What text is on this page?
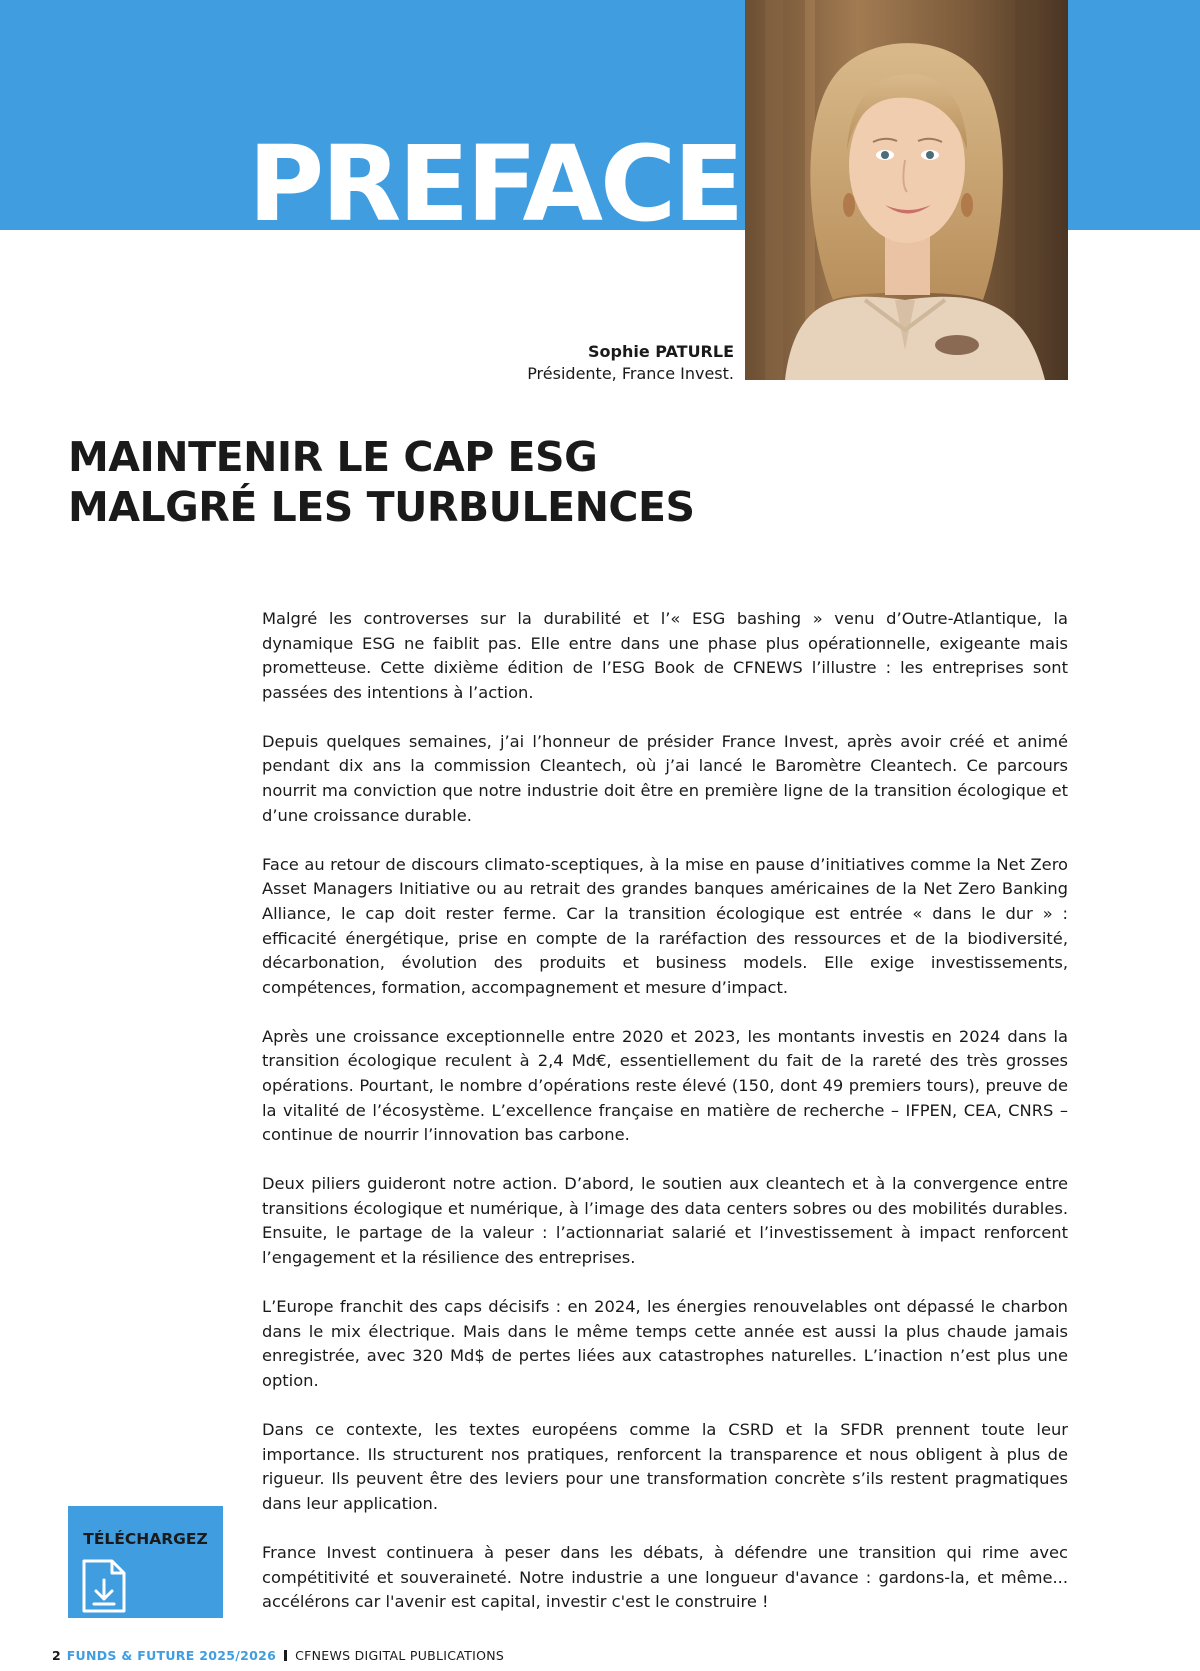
PREFACE
Sophie PATURLE
Présidente, France Invest.
MAINTENIR LE CAP ESG
MALGRÉ LES TURBULENCES

Malgré les controverses sur la durabilité et l’« ESG bashing » venu d’Outre-Atlantique, la dynamique ESG ne faiblit pas. Elle entre dans une phase plus opérationnelle, exigeante mais prometteuse. Cette dixième édition de l’ESG Book de CFNEWS l’illustre : les entreprises sont passées des intentions à l’action.

Depuis quelques semaines, j’ai l’honneur de présider France Invest, après avoir créé et animé pendant dix ans la commission Cleantech, où j’ai lancé le Baromètre Cleantech. Ce parcours nourrit ma conviction que notre industrie doit être en première ligne de la transition écologique et d’une croissance durable.

Face au retour de discours climato-sceptiques, à la mise en pause d’initiatives comme la Net Zero Asset Managers Initiative ou au retrait des grandes banques américaines de la Net Zero Banking Alliance, le cap doit rester ferme. Car la transition écologique est entrée « dans le dur » : efficacité énergétique, prise en compte de la raréfaction des ressources et de la biodiversité, décarbonation, évolution des produits et business models. Elle exige investissements, compétences, formation, accompagnement et mesure d’impact.

Après une croissance exceptionnelle entre 2020 et 2023, les montants investis en 2024 dans la transition écologique reculent à 2,4 Md€, essentiellement du fait de la rareté des très grosses opérations. Pourtant, le nombre d’opérations reste élevé (150, dont 49 premiers tours), preuve de la vitalité de l’écosystème. L’excellence française en matière de recherche – IFPEN, CEA, CNRS – continue de nourrir l’innovation bas carbone.

Deux piliers guideront notre action. D’abord, le soutien aux cleantech et à la convergence entre transitions écologique et numérique, à l’image des data centers sobres ou des mobilités durables. Ensuite, le partage de la valeur : l’actionnariat salarié et l’investissement à impact renforcent l’engagement et la résilience des entreprises.

L’Europe franchit des caps décisifs : en 2024, les énergies renouvelables ont dépassé le charbon dans le mix électrique. Mais dans le même temps cette année est aussi la plus chaude jamais enregistrée, avec 320 Md$ de pertes liées aux catastrophes naturelles. L’inaction n’est plus une option.

Dans ce contexte, les textes européens comme la CSRD et la SFDR prennent toute leur importance. Ils structurent nos pratiques, renforcent la transparence et nous obligent à plus de rigueur. Ils peuvent être des leviers pour une transformation concrète s’ils restent pragmatiques dans leur application.

France Invest continuera à peser dans les débats, à défendre une transition qui rime avec compétitivité et souveraineté. Notre industrie a une longueur d'avance : gardons-la, et même... accélérons car l'avenir est capital, investir c'est le construire !

TÉLÉCHARGEZ
2 FUNDS & FUTURE 2025/2026 CFNEWS DIGITAL PUBLICATIONS
